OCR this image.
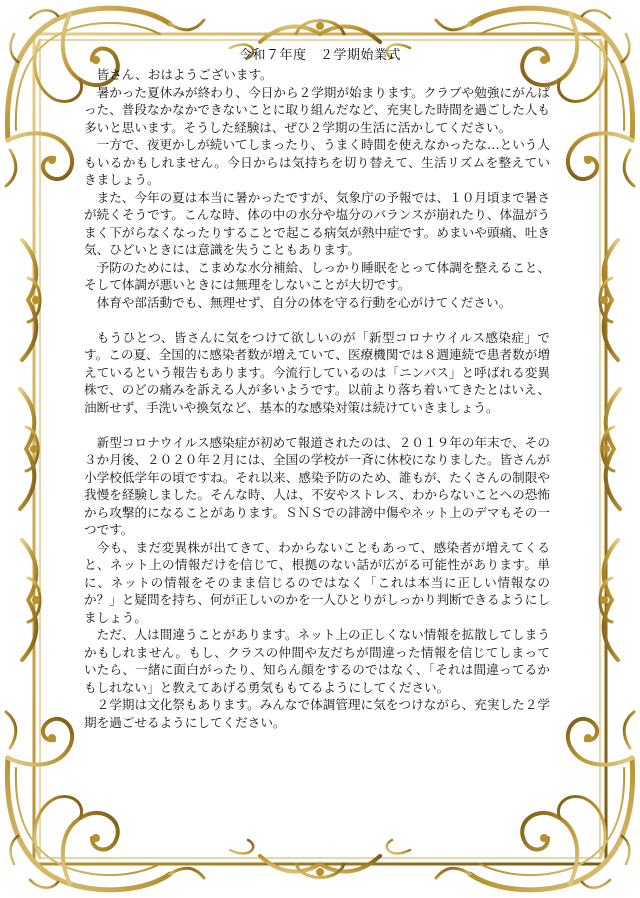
令和７年度　２学期始業式

皆さん、おはようございます。

暑かった夏休みが終わり、今日から２学期が始まります。クラブや勉強にがんばった、普段なかなかできないことに取り組んだなど、充実した時間を過ごした人も多いと思います。そうした経験は、ぜひ２学期の生活に活かしてください。

一方で、夜更かしが続いてしまったり、うまく時間を使えなかったな…という人もいるかもしれません。今日からは気持ちを切り替えて、生活リズムを整えていきましょう。

また、今年の夏は本当に暑かったですが、気象庁の予報では、１０月頃まで暑さが続くそうです。こんな時、体の中の水分や塩分のバランスが崩れたり、体温がうまく下がらなくなったりすることで起こる病気が熱中症です。めまいや頭痛、吐き気、ひどいときには意識を失うこともあります。

予防のためには、こまめな水分補給、しっかり睡眠をとって体調を整えること、そして体調が悪いときには無理をしないことが大切です。

体育や部活動でも、無理せず、自分の体を守る行動を心がけてください。

もうひとつ、皆さんに気をつけて欲しいのが「新型コロナウイルス感染症」です。この夏、全国的に感染者数が増えていて、医療機関では８週連続で患者数が増えているという報告もあります。今流行しているのは「ニンバス」と呼ばれる変異株で、のどの痛みを訴える人が多いようです。以前より落ち着いてきたとはいえ、油断せず、手洗いや換気など、基本的な感染対策は続けていきましょう。

新型コロナウイルス感染症が初めて報道されたのは、２０１９年の年末で、その３か月後、２０２０年２月には、全国の学校が一斉に休校になりました。皆さんが小学校低学年の頃ですね。それ以来、感染予防のため、誰もが、たくさんの制限や我慢を経験しました。そんな時、人は、不安やストレス、わからないことへの恐怖から攻撃的になることがあります。ＳＮＳでの誹謗中傷やネット上のデマもその一つです。

今も、まだ変異株が出てきて、わからないこともあって、感染者が増えてくると、ネット上の情報だけを信じて、根拠のない話が広がる可能性があります。単に、ネットの情報をそのまま信じるのではなく「これは本当に正しい情報なのか？」と疑問を持ち、何が正しいのかを一人ひとりがしっかり判断できるようにしましょう。

ただ、人は間違うことがあります。ネット上の正しくない情報を拡散してしまうかもしれません。もし、クラスの仲間や友だちが間違った情報を信じてしまっていたら、一緒に面白がったり、知らん顔をするのではなく、「それは間違ってるかもしれない」と教えてあげる勇気ももてるようにしてください。

２学期は文化祭もあります。みんなで体調管理に気をつけながら、充実した２学期を過ごせるようにしてください。
